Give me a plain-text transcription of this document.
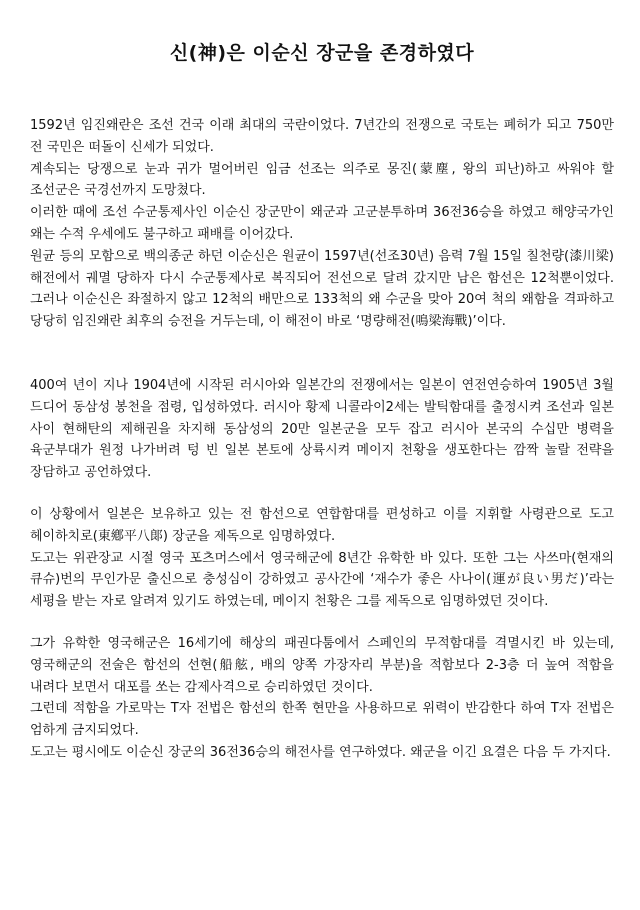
신(神)은 이순신 장군을 존경하였다

1592년 임진왜란은 조선 건국 이래 최대의 국란이었다. 7년간의 전쟁으로 국토는 폐허가 되고 750만 전 국민은 떠돌이 신세가 되었다.

계속되는 당쟁으로 눈과 귀가 멀어버린 임금 선조는 의주로 몽진(蒙塵, 왕의 피난)하고 싸워야 할 조선군은 국경선까지 도망쳤다.

이러한 때에 조선 수군통제사인 이순신 장군만이 왜군과 고군분투하며 36전36승을 하였고 해양국가인 왜는 수적 우세에도 불구하고 패배를 이어갔다.

원균 등의 모함으로 백의종군 하던 이순신은 원균이 1597년(선조30년) 음력 7월 15일 칠천량(漆川梁) 해전에서 궤멸 당하자 다시 수군통제사로 복직되어 전선으로 달려 갔지만 남은 함선은 12척뿐이었다. 그러나 이순신은 좌절하지 않고 12척의 배만으로 133척의 왜 수군을 맞아 20여 척의 왜함을 격파하고 당당히 임진왜란 최후의 승전을 거두는데, 이 해전이 바로 ‘명량해전(鳴梁海戰)’이다.

400여 년이 지나 1904년에 시작된 러시아와 일본간의 전쟁에서는 일본이 연전연승하여 1905년 3월 드디어 동삼성 봉천을 점령, 입성하였다. 러시아 황제 니콜라이2세는 발틱함대를 출정시켜 조선과 일본 사이 현해탄의 제해권을 차지해 동삼성의 20만 일본군을 모두 잡고 러시아 본국의 수십만 병력을 육군부대가 원정 나가버려 텅 빈 일본 본토에 상륙시켜 메이지 천황을 생포한다는 깜짝 놀랄 전략을 장담하고 공언하였다.

이 상황에서 일본은 보유하고 있는 전 함선으로 연합함대를 편성하고 이를 지휘할 사령관으로 도고 헤이하치로(東鄕平八郞) 장군을 제독으로 임명하였다.

도고는 위관장교 시절 영국 포츠머스에서 영국해군에 8년간 유학한 바 있다. 또한 그는 사쓰마(현재의 큐슈)번의 무인가문 출신으로 충성심이 강하였고 공사간에 ‘재수가 좋은 사나이(運が良い男だ)’라는 세평을 받는 자로 알려져 있기도 하였는데, 메이지 천황은 그를 제독으로 임명하였던 것이다.

그가 유학한 영국해군은 16세기에 해상의 패권다툼에서 스페인의 무적함대를 격멸시킨 바 있는데, 영국해군의 전술은 함선의 선현(船舷, 배의 양쪽 가장자리 부분)을 적함보다 2-3층 더 높여 적함을 내려다 보면서 대포를 쏘는 감제사격으로 승리하였던 것이다.

그런데 적함을 가로막는 T자 전법은 함선의 한쪽 현만을 사용하므로 위력이 반감한다 하여 T자 전법은 엄하게 금지되었다.

도고는 평시에도 이순신 장군의 36전36승의 해전사를 연구하였다. 왜군을 이긴 요결은 다음 두 가지다.
